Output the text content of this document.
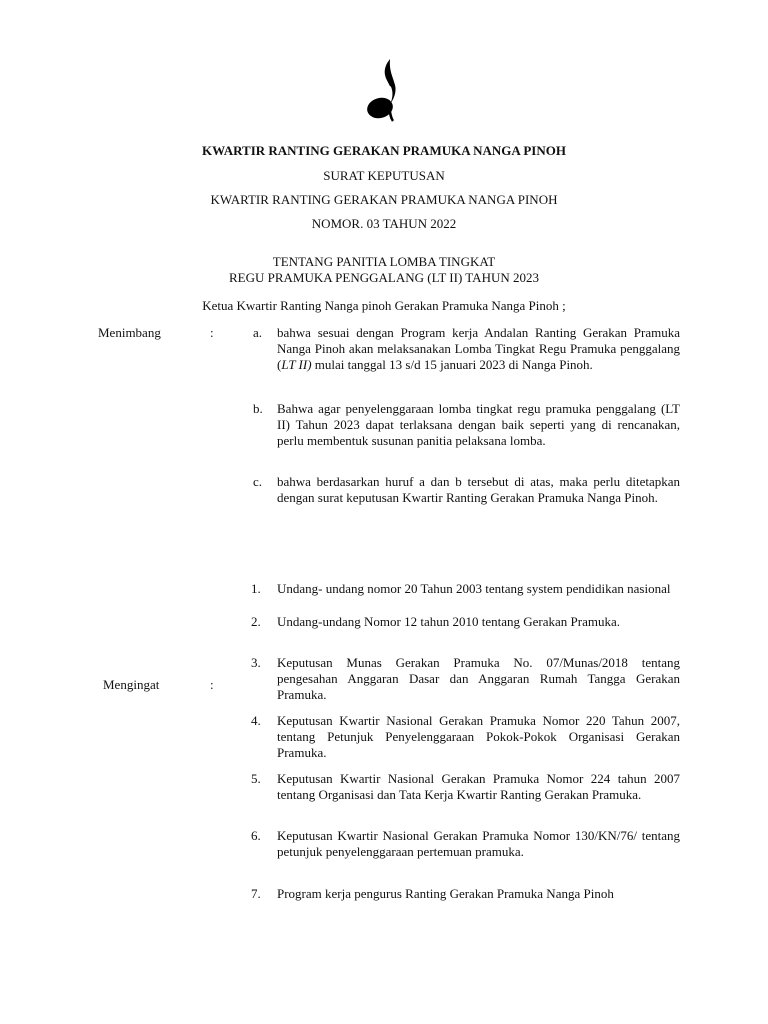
KWARTIR RANTING GERAKAN PRAMUKA NANGA PINOH
SURAT KEPUTUSAN
KWARTIR RANTING GERAKAN PRAMUKA NANGA PINOH
NOMOR. 03 TAHUN 2022
TENTANG PANITIA LOMBA TINGKAT
REGU PRAMUKA PENGGALANG (LT II) TAHUN 2023
Ketua Kwartir Ranting Nanga pinoh Gerakan Pramuka Nanga Pinoh ;
Menimbang	:	a. bahwa sesuai dengan Program kerja Andalan Ranting Gerakan Pramuka Nanga Pinoh akan melaksanakan Lomba Tingkat Regu Pramuka penggalang (LT II) mulai tanggal 13 s/d 15 januari 2023 di Nanga Pinoh.
b. Bahwa agar penyelenggaraan lomba tingkat regu pramuka penggalang (LT II) Tahun 2023 dapat terlaksana dengan baik seperti yang di rencanakan, perlu membentuk susunan panitia pelaksana lomba.
c. bahwa berdasarkan huruf a dan b tersebut di atas, maka perlu ditetapkan dengan surat keputusan Kwartir Ranting Gerakan Pramuka Nanga Pinoh.
Mengingat	:
1. Undang- undang nomor 20 Tahun 2003 tentang system pendidikan nasional
2. Undang-undang Nomor 12 tahun 2010 tentang Gerakan Pramuka.
3. Keputusan Munas Gerakan Pramuka No. 07/Munas/2018 tentang pengesahan Anggaran Dasar dan Anggaran Rumah Tangga Gerakan Pramuka.
4. Keputusan Kwartir Nasional Gerakan Pramuka Nomor 220 Tahun 2007, tentang Petunjuk Penyelenggaraan Pokok-Pokok Organisasi Gerakan Pramuka.
5. Keputusan Kwartir Nasional Gerakan Pramuka Nomor 224 tahun 2007 tentang Organisasi dan Tata Kerja Kwartir Ranting Gerakan Pramuka.
6. Keputusan Kwartir Nasional Gerakan Pramuka Nomor 130/KN/76/ tentang petunjuk penyelenggaraan pertemuan pramuka.
7. Program kerja pengurus Ranting Gerakan Pramuka Nanga Pinoh
